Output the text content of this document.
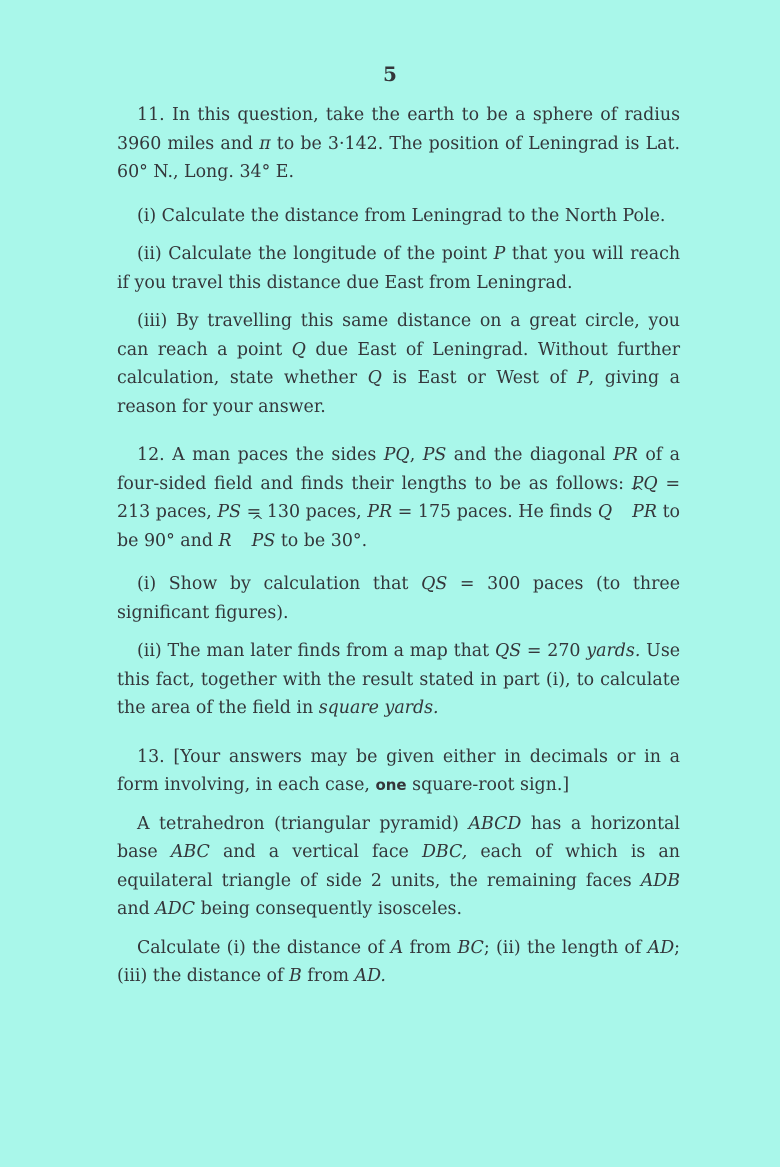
5

11. In this question, take the earth to be a sphere of radius 3960 miles and π to be 3·142. The position of Leningrad is Lat. 60° N., Long. 34° E.

(i) Calculate the distance from Leningrad to the North Pole.

(ii) Calculate the longitude of the point P that you will reach if you travel this distance due East from Leningrad.

(iii) By travelling this same distance on a great circle, you can reach a point Q due East of Leningrad. Without further calculation, state whether Q is East or West of P, giving a reason for your answer.

12. A man paces the sides PQ, PS and the diagonal PR of a four-sided field and finds their lengths to be as follows: PQ = 213 paces, PS = 130 paces, PR = 175 paces. He finds Q ^ PR to be 90° and R ^ PS to be 30°.

(i) Show by calculation that QS = 300 paces (to three significant figures).

(ii) The man later finds from a map that QS = 270 yards. Use this fact, together with the result stated in part (i), to calculate the area of the field in square yards.

13. [Your answers may be given either in decimals or in a form involving, in each case, one square-root sign.]

A tetrahedron (triangular pyramid) ABCD has a horizontal base ABC and a vertical face DBC, each of which is an equilateral triangle of side 2 units, the remaining faces ADB and ADC being consequently isosceles.

Calculate (i) the distance of A from BC; (ii) the length of AD; (iii) the distance of B from AD.
